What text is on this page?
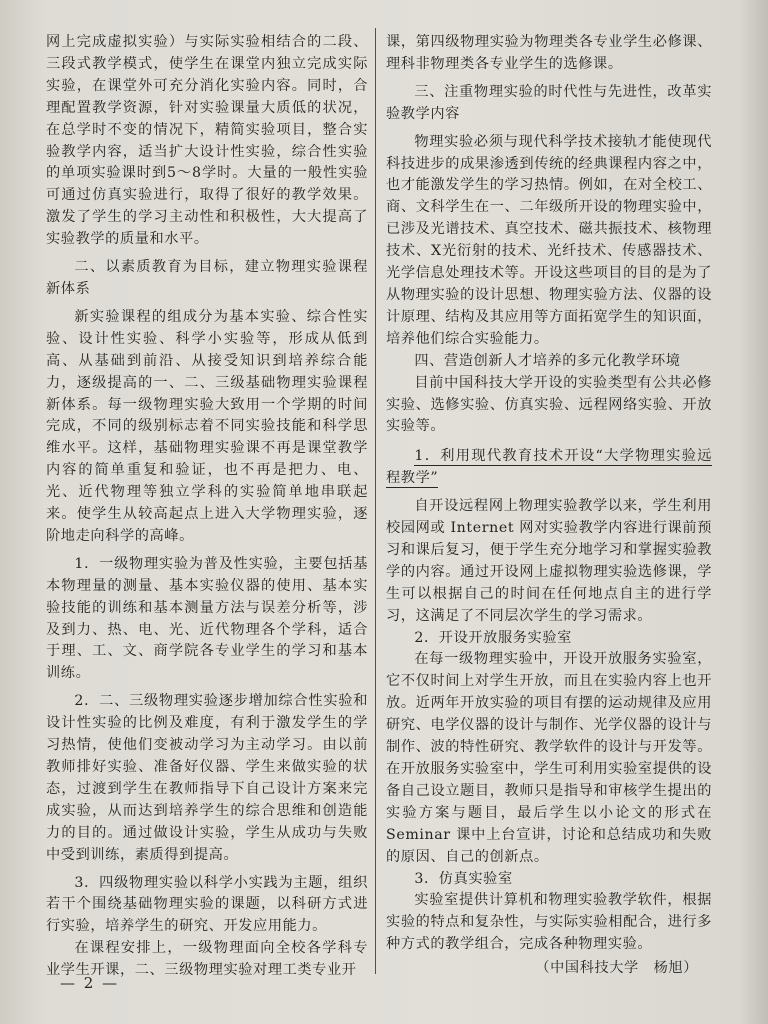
网上完成虚拟实验）与实际实验相结合的二段、三段式教学模式，使学生在课堂内独立完成实际实验，在课堂外可充分消化实验内容。同时，合理配置教学资源，针对实验课量大质低的状况，在总学时不变的情况下，精简实验项目，整合实验教学内容，适当扩大设计性实验，综合性实验的单项实验课时到5～8学时。大量的一般性实验可通过仿真实验进行，取得了很好的教学效果。激发了学生的学习主动性和积极性，大大提高了实验教学的质量和水平。

二、以素质教育为目标，建立物理实验课程新体系

新实验课程的组成分为基本实验、综合性实验、设计性实验、科学小实验等，形成从低到高、从基础到前沿、从接受知识到培养综合能力，逐级提高的一、二、三级基础物理实验课程新体系。每一级物理实验大致用一个学期的时间完成，不同的级别标志着不同实验技能和科学思维水平。这样，基础物理实验课不再是课堂教学内容的简单重复和验证，也不再是把力、电、光、近代物理等独立学科的实验简单地串联起来。使学生从较高起点上进入大学物理实验，逐阶地走向科学的高峰。

1．一级物理实验为普及性实验，主要包括基本物理量的测量、基本实验仪器的使用、基本实验技能的训练和基本测量方法与误差分析等，涉及到力、热、电、光、近代物理各个学科，适合于理、工、文、商学院各专业学生的学习和基本训练。

2．二、三级物理实验逐步增加综合性实验和设计性实验的比例及难度，有利于激发学生的学习热情，使他们变被动学习为主动学习。由以前教师排好实验、准备好仪器、学生来做实验的状态，过渡到学生在教师指导下自己设计方案来完成实验，从而达到培养学生的综合思维和创造能力的目的。通过做设计实验，学生从成功与失败中受到训练，素质得到提高。

3．四级物理实验以科学小实践为主题，组织若干个围绕基础物理实验的课题，以科研方式进行实验，培养学生的研究、开发应用能力。

在课程安排上，一级物理面向全校各学科专业学生开课，二、三级物理实验对理工类专业开

课，第四级物理实验为物理类各专业学生必修课、理科非物理类各专业学生的选修课。

三、注重物理实验的时代性与先进性，改革实验教学内容

物理实验必须与现代科学技术接轨才能使现代科技进步的成果渗透到传统的经典课程内容之中，也才能激发学生的学习热情。例如，在对全校工、商、文科学生在一、二年级所开设的物理实验中，已涉及光谱技术、真空技术、磁共振技术、核物理技术、X光衍射的技术、光纤技术、传感器技术、光学信息处理技术等。开设这些项目的目的是为了从物理实验的设计思想、物理实验方法、仪器的设计原理、结构及其应用等方面拓宽学生的知识面，培养他们综合实验能力。

四、营造创新人才培养的多元化教学环境

目前中国科技大学开设的实验类型有公共必修实验、选修实验、仿真实验、远程网络实验、开放实验等。

1．利用现代教育技术开设“大学物理实验远程教学”

自开设远程网上物理实验教学以来，学生利用校园网或 Internet 网对实验教学内容进行课前预习和课后复习，便于学生充分地学习和掌握实验教学的内容。通过开设网上虚拟物理实验选修课，学生可以根据自己的时间在任何地点自主的进行学习，这满足了不同层次学生的学习需求。

2．开设开放服务实验室

在每一级物理实验中，开设开放服务实验室，它不仅时间上对学生开放，而且在实验内容上也开放。近两年开放实验的项目有摆的运动规律及应用研究、电学仪器的设计与制作、光学仪器的设计与制作、波的特性研究、教学软件的设计与开发等。在开放服务实验室中，学生可利用实验室提供的设备自己设立题目，教师只是指导和审核学生提出的实验方案与题目，最后学生以小论文的形式在 Seminar 课中上台宣讲，讨论和总结成功和失败的原因、自己的创新点。

3．仿真实验室

实验室提供计算机和物理实验教学软件，根据实验的特点和复杂性，与实际实验相配合，进行多种方式的教学组合，完成各种物理实验。

（中国科技大学　杨旭）

— 2 —
